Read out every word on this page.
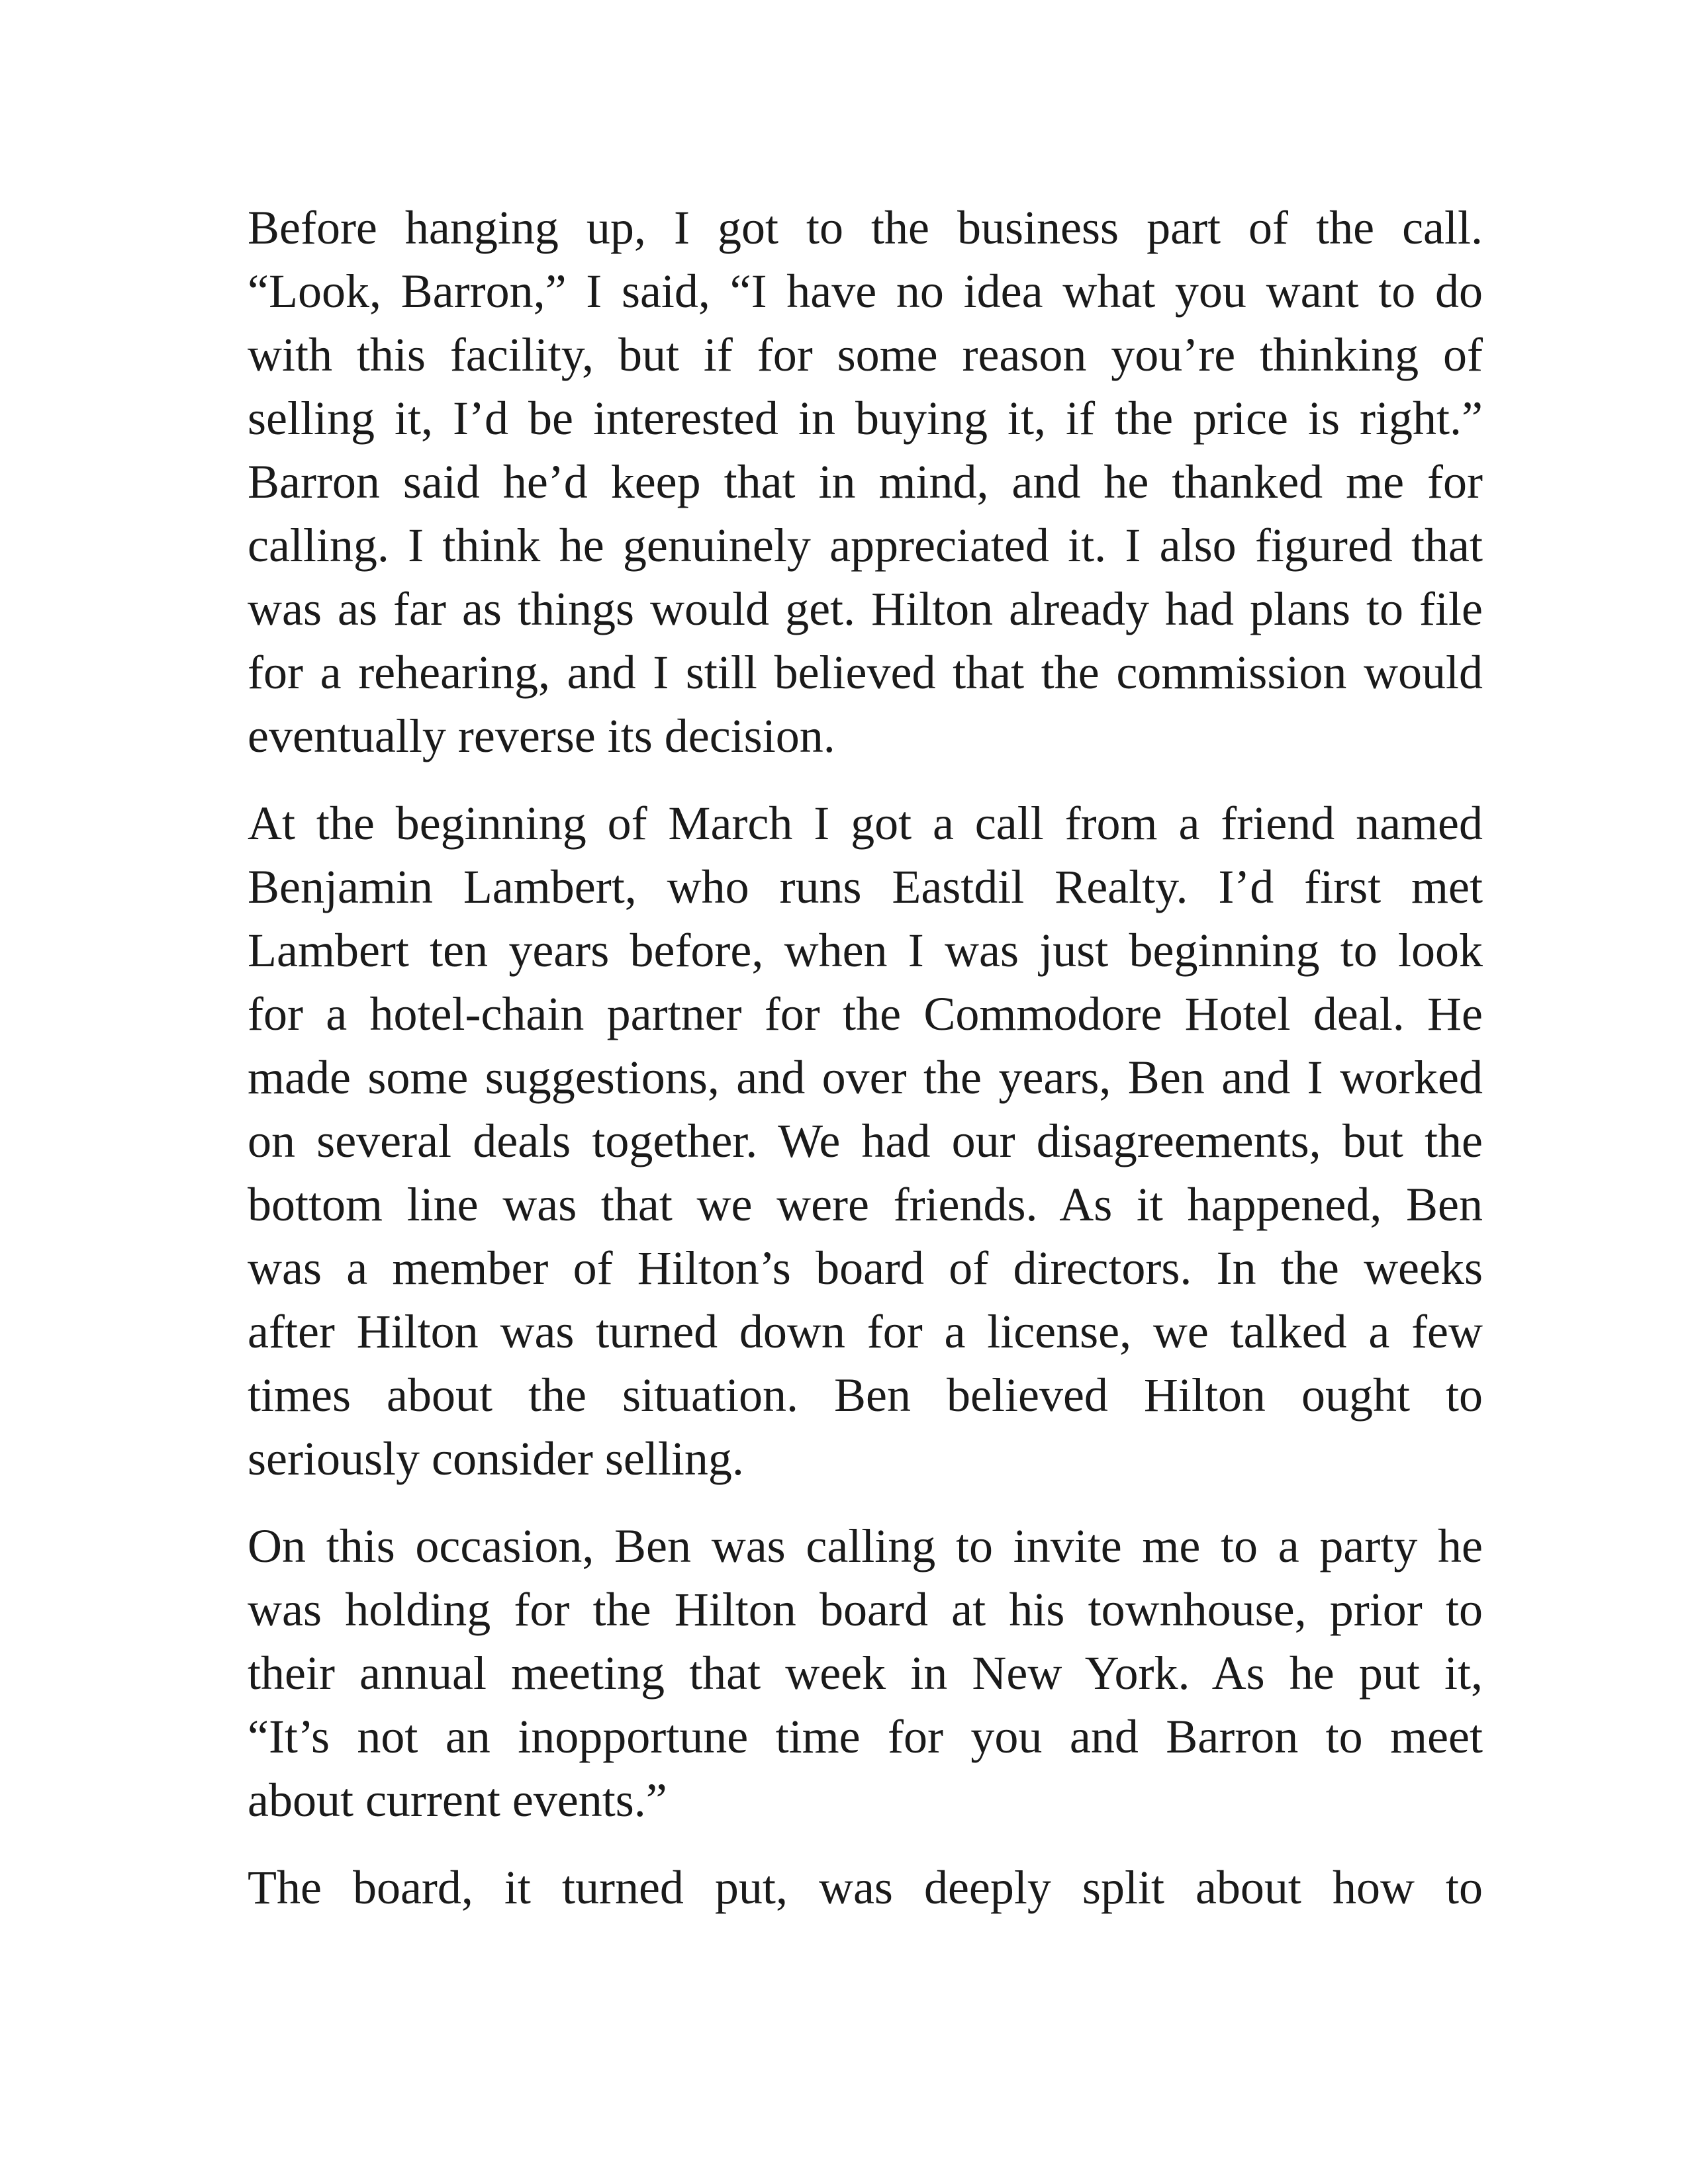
Before hanging up, I got to the business part of the call.
“Look, Barron,” I said, “I have no idea what you want to do
with this facility, but if for some reason you’re thinking of
selling it, I’d be interested in buying it, if the price is right.”
Barron said he’d keep that in mind, and he thanked me for
calling. I think he genuinely appreciated it. I also figured that
was as far as things would get. Hilton already had plans to file
for a rehearing, and I still believed that the commission would
eventually reverse its decision.

At the beginning of March I got a call from a friend named
Benjamin Lambert, who runs Eastdil Realty. I’d first met
Lambert ten years before, when I was just beginning to look
for a hotel-chain partner for the Commodore Hotel deal. He
made some suggestions, and over the years, Ben and I worked
on several deals together. We had our disagreements, but the
bottom line was that we were friends. As it happened, Ben
was a member of Hilton’s board of directors. In the weeks
after Hilton was turned down for a license, we talked a few
times about the situation. Ben believed Hilton ought to
seriously consider selling.

On this occasion, Ben was calling to invite me to a party he
was holding for the Hilton board at his townhouse, prior to
their annual meeting that week in New York. As he put it,
“It’s not an inopportune time for you and Barron to meet
about current events.”

The board, it turned put, was deeply split about how to
